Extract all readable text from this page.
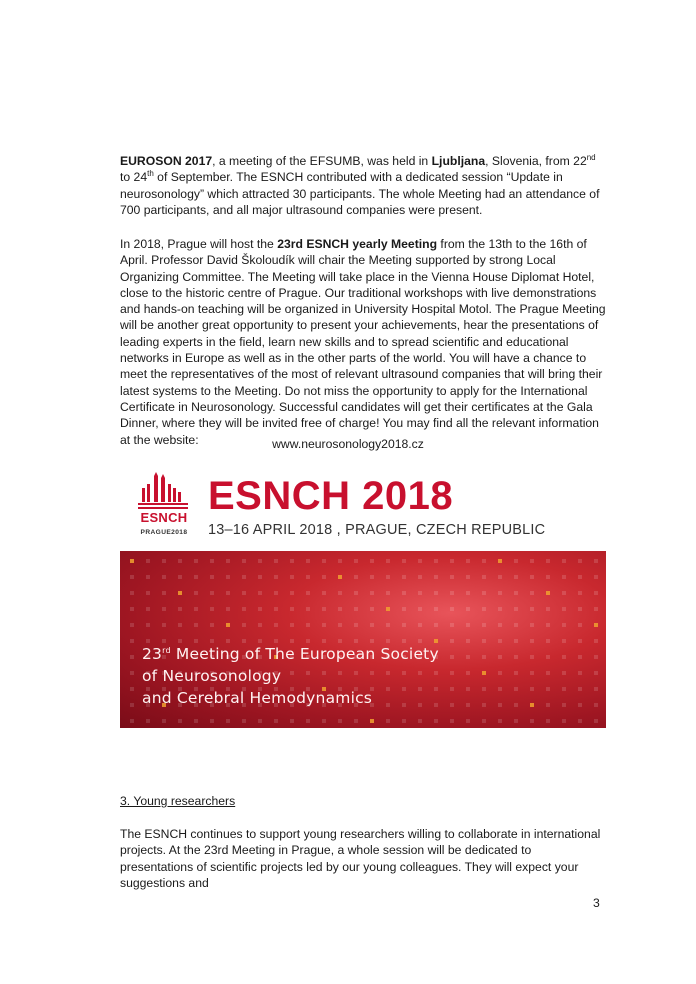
EUROSON 2017, a meeting of the EFSUMB, was held in Ljubljana, Slovenia, from 22nd to 24th of September. The ESNCH contributed with a dedicated session “Update in neurosonology” which attracted 30 participants. The whole Meeting had an attendance of 700 participants, and all major ultrasound companies were present.
In 2018, Prague will host the 23rd ESNCH yearly Meeting from the 13th to the 16th of April. Professor David Školoudík will chair the Meeting supported by strong Local Organizing Committee. The Meeting will take place in the Vienna House Diplomat Hotel, close to the historic centre of Prague. Our traditional workshops with live demonstrations and hands-on teaching will be organized in University Hospital Motol. The Prague Meeting will be another great opportunity to present your achievements, hear the presentations of leading experts in the field, learn new skills and to spread scientific and educational networks in Europe as well as in the other parts of the world. You will have a chance to meet the representatives of the most of relevant ultrasound companies that will bring their latest systems to the Meeting. Do not miss the opportunity to apply for the International Certificate in Neurosonology. Successful candidates will get their certificates at the Gala Dinner, where they will be invited free of charge! You may find all the relevant information at the website:	www.neurosonology2018.cz
ESNCH
PRAGUE2018
ESNCH 2018
13–16 APRIL 2018 , PRAGUE, CZECH REPUBLIC
23rd Meeting of The European Society
of Neurosonology
and Cerebral Hemodynamics
3. Young researchers
The ESNCH continues to support young researchers willing to collaborate in international projects. At the 23rd Meeting in Prague, a whole session will be dedicated to presentations of scientific projects led by our young colleagues. They will expect your suggestions and
3
